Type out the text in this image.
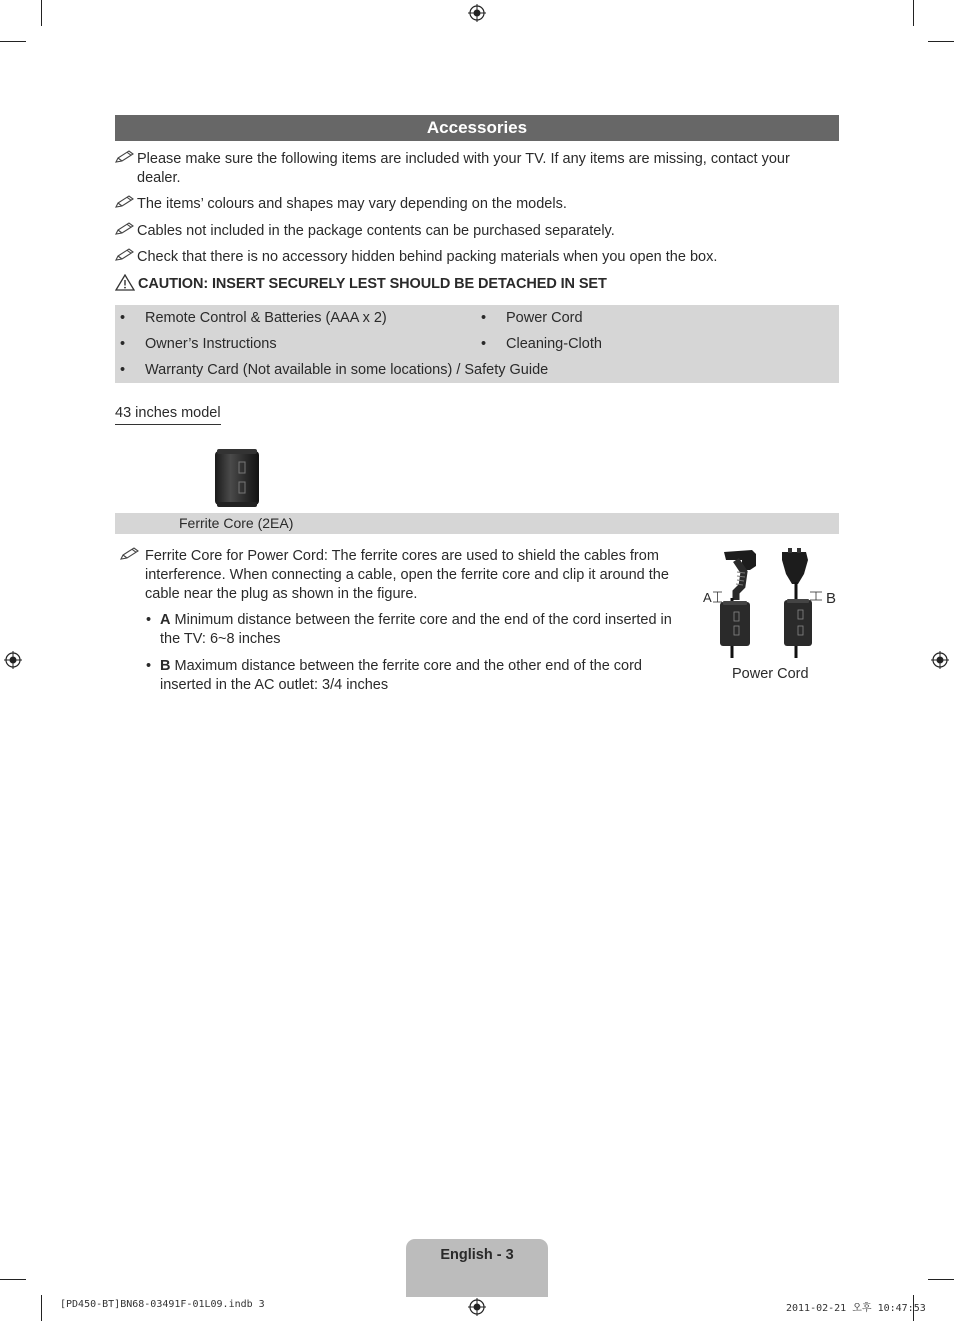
Accessories
Please make sure the following items are included with your TV. If any items are missing, contact your dealer.
The items’ colours and shapes may vary depending on the models.
Cables not included in the package contents can be purchased separately.
Check that there is no accessory hidden behind packing materials when you open the box.
CAUTION: INSERT SECURELY LEST SHOULD BE DETACHED IN SET
• Remote Control & Batteries (AAA x 2)	• Power Cord
• Owner’s Instructions	• Cleaning-Cloth
• Warranty Card (Not available in some locations) / Safety Guide
43 inches model
Ferrite Core (2EA)
Ferrite Core for Power Cord: The ferrite cores are used to shield the cables from interference. When connecting a cable, open the ferrite core and clip it around the cable near the plug as shown in the figure.
• A Minimum distance between the ferrite core and the end of the cord inserted in the TV: 6~8 inches
• B Maximum distance between the ferrite core and the other end of the cord inserted in the AC outlet: 3/4 inches
A	B
Power Cord
English - 3
[PD450-BT]BN68-03491F-01L09.indb 3	2011-02-21 오후 10:47:53
